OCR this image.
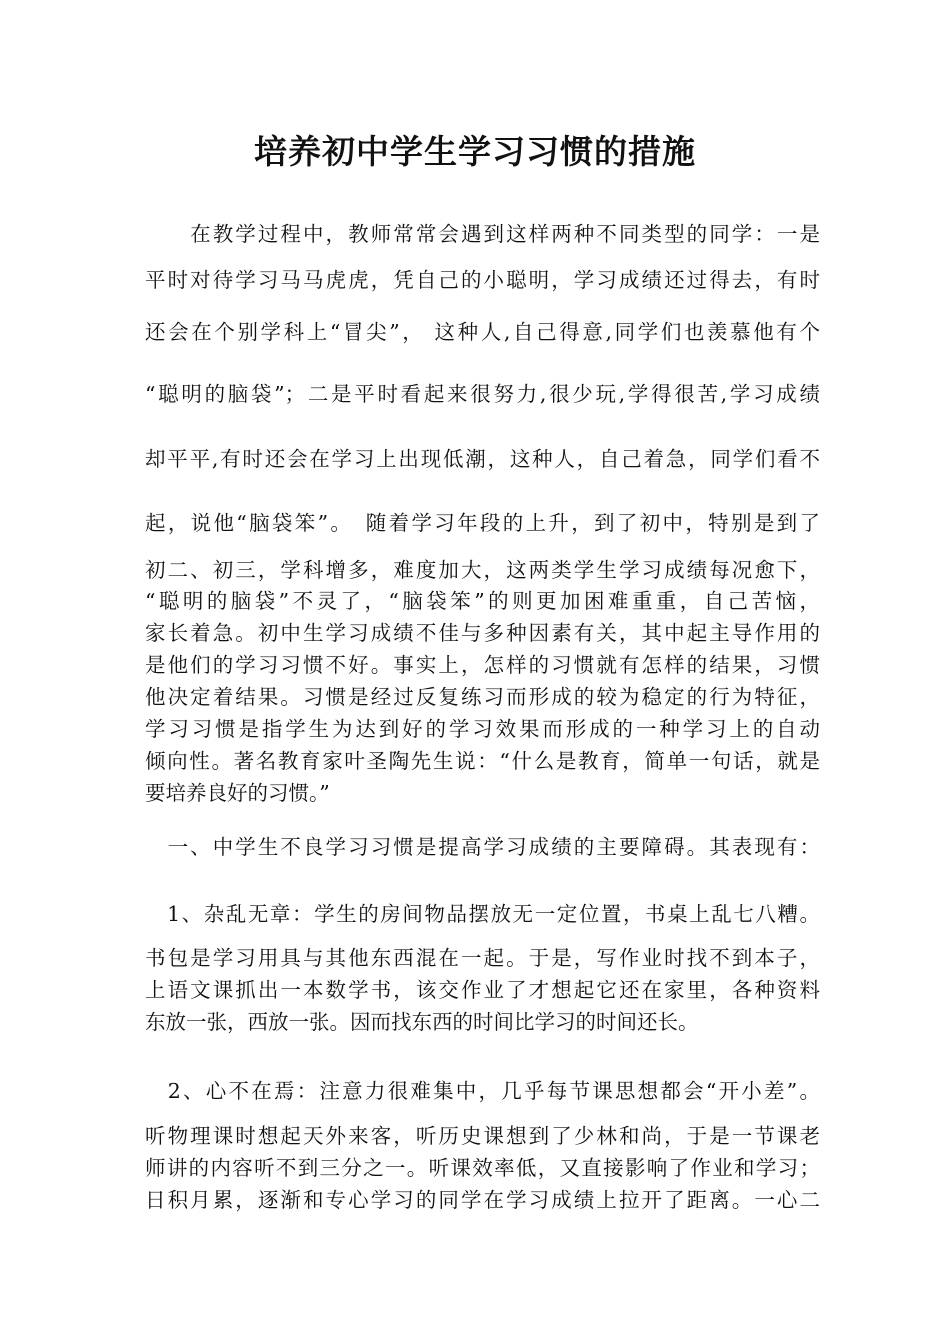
培养初中学生学习习惯的措施

　　在教学过程中，教师常常会遇到这样两种不同类型的同学：一是

平时对待学习马马虎虎，凭自己的小聪明，学习成绩还过得去，有时

还会在个别学科上“冒尖”， 这种人,自己得意,同学们也羡慕他有个

“聪明的脑袋”；二是平时看起来很努力,很少玩,学得很苦,学习成绩

却平平,有时还会在学习上出现低潮，这种人，自己着急，同学们看不

起，说他“脑袋笨”。　随着学习年段的上升，到了初中，特别是到了

初二、初三，学科增多，难度加大，这两类学生学习成绩每况愈下，

“聪明的脑袋”不灵了，“脑袋笨”的则更加困难重重，自己苦恼，

家长着急。初中生学习成绩不佳与多种因素有关，其中起主导作用的

是他们的学习习惯不好。事实上，怎样的习惯就有怎样的结果，习惯

他决定着结果。习惯是经过反复练习而形成的较为稳定的行为特征，

学习习惯是指学生为达到好的学习效果而形成的一种学习上的自动

倾向性。著名教育家叶圣陶先生说：“什么是教育，简单一句话，就是

要培养良好的习惯。”

　一、中学生不良学习习惯是提高学习成绩的主要障碍。其表现有：

　1、杂乱无章：学生的房间物品摆放无一定位置，书桌上乱七八糟。

书包是学习用具与其他东西混在一起。于是，写作业时找不到本子，

上语文课抓出一本数学书，该交作业了才想起它还在家里，各种资料

东放一张，西放一张。因而找东西的时间比学习的时间还长。

　2、心不在焉：注意力很难集中，几乎每节课思想都会“开小差”。

听物理课时想起天外来客，听历史课想到了少林和尚，于是一节课老

师讲的内容听不到三分之一。听课效率低，又直接影响了作业和学习；

日积月累，逐渐和专心学习的同学在学习成绩上拉开了距离。一心二
